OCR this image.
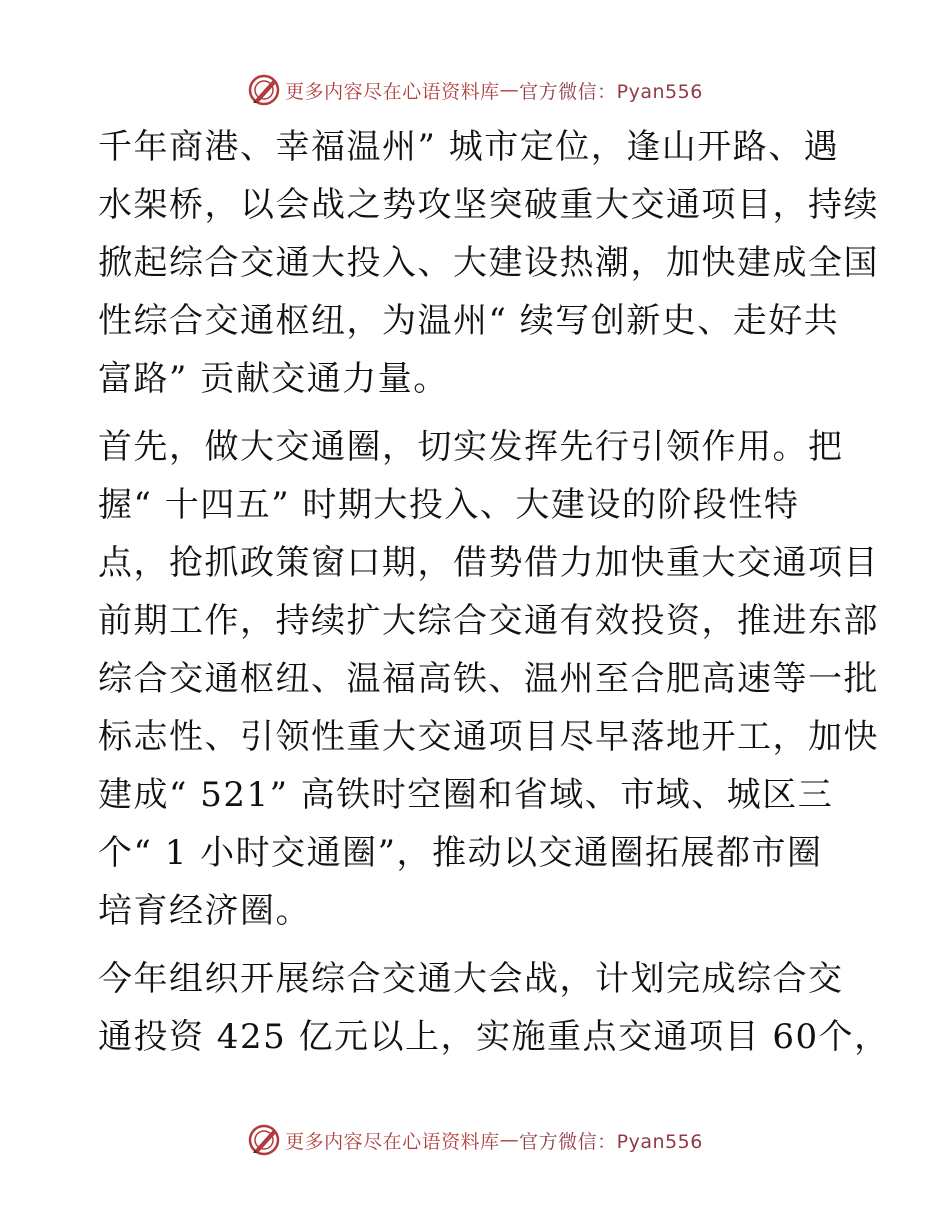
更多内容尽在心语资料库 — 官方微信：Pyan556
千年商港、幸福温州” 城市定位，逢山开路、遇
水架桥，以会战之势攻坚突破重大交通项目，持续
掀起综合交通大投入、大建设热潮，加快建成全国
性综合交通枢纽，为温州“ 续写创新史、走好共
富路” 贡献交通力量。
首先，做大交通圈，切实发挥先行引领作用。把
握“ 十四五” 时期大投入、大建设的阶段性特
点，抢抓政策窗口期，借势借力加快重大交通项目
前期工作，持续扩大综合交通有效投资，推进东部
综合交通枢纽、温福高铁、温州至合肥高速等一批
标志性、引领性重大交通项目尽早落地开工，加快
建成“ 521” 高铁时空圈和省域、市域、城区三
个“ 1 小时交通圈”，推动以交通圈拓展都市圈
培育经济圈。
今年组织开展综合交通大会战，计划完成综合交
通投资 425 亿元以上，实施重点交通项目 60个，
更多内容尽在心语资料库 — 官方微信：Pyan556
